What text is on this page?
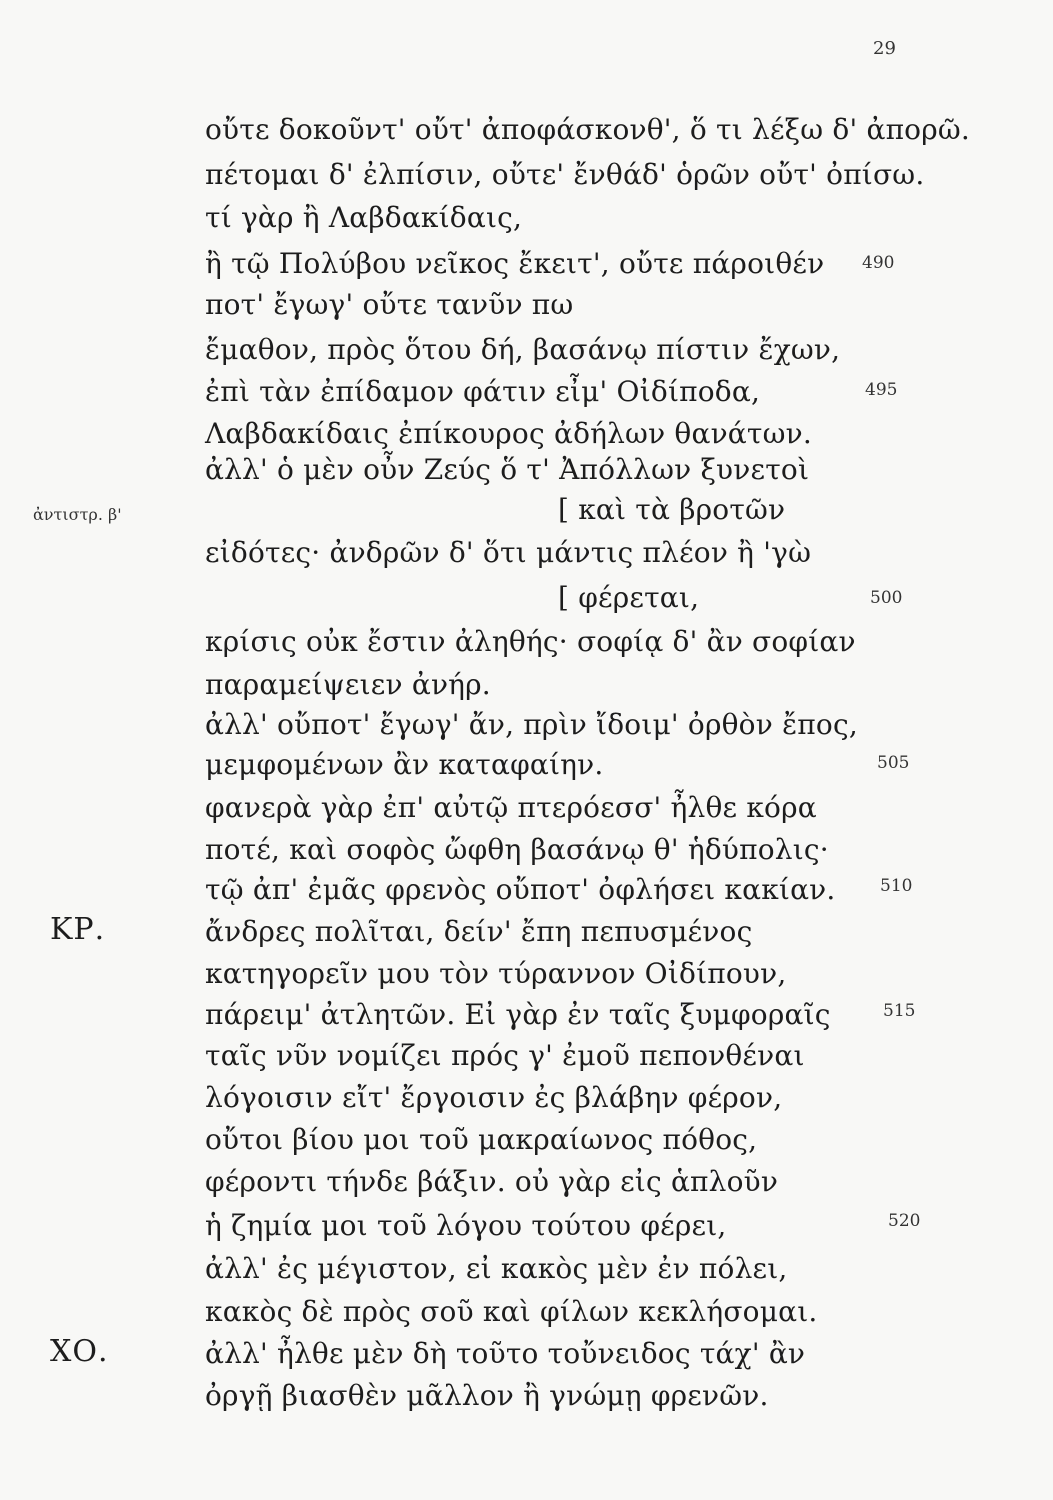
29
ἀντιστρ. β'
ΚΡ.
ΧΟ.
οὔτε δοκοῦντ' οὔτ' ἀποφάσκονθ', ὅ τι λέξω δ' ἀπορῶ.
πέτομαι δ' ἐλπίσιν, οὔτε' ἔνθάδ' ὁρῶν οὔτ' ὀπίσω.
τί γὰρ ἢ Λαβδακίδαις,
ἢ τῷ Πολύβου νεῖκος ἔκειτ', οὔτε πάροιθέν
ποτ' ἔγωγ' οὔτε τανῦν πω
ἔμαθον, πρὸς ὅτου δή, βασάνῳ πίστιν ἔχων,
ἐπὶ τὰν ἐπίδαμον φάτιν εἶμ' Οἰδίποδα,
Λαβδακίδαις ἐπίκουρος ἀδήλων θανάτων.
ἀλλ' ὁ μὲν οὖν Ζεύς ὅ τ' Ἀπόλλων ξυνετοὶ
[ καὶ τὰ βροτῶν
εἰδότες· ἀνδρῶν δ' ὅτι μάντις πλέον ἢ 'γὼ
[ φέρεται,
κρίσις οὐκ ἔστιν ἀληθής· σοφίᾳ δ' ἂν σοφίαν
παραμείψειεν ἀνήρ.
ἀλλ' οὔποτ' ἔγωγ' ἄν, πρὶν ἴδοιμ' ὀρθὸν ἔπος,
μεμφομένων ἂν καταφαίην.
φανερὰ γὰρ ἐπ' αὐτῷ πτερόεσσ' ἦλθε κόρα
ποτέ, καὶ σοφὸς ὤφθη βασάνῳ θ' ἡδύπολις·
τῷ ἀπ' ἐμᾶς φρενὸς οὔποτ' ὀφλήσει κακίαν.
ἄνδρες πολῖται, δείν' ἔπη πεπυσμένος
κατηγορεῖν μου τὸν τύραννον Οἰδίπουν,
πάρειμ' ἀτλητῶν. Εἰ γὰρ ἐν ταῖς ξυμφοραῖς
ταῖς νῦν νομίζει πρός γ' ἐμοῦ πεπονθέναι
λόγοισιν εἴτ' ἔργοισιν ἐς βλάβην φέρον,
οὔτοι βίου μοι τοῦ μακραίωνος πόθος,
φέροντι τήνδε βάξιν. οὐ γὰρ εἰς ἁπλοῦν
ἡ ζημία μοι τοῦ λόγου τούτου φέρει,
ἀλλ' ἐς μέγιστον, εἰ κακὸς μὲν ἐν πόλει,
κακὸς δὲ πρὸς σοῦ καὶ φίλων κεκλήσομαι.
ἀλλ' ἦλθε μὲν δὴ τοῦτο τοὔνειδος τάχ' ἂν
ὀργῇ βιασθὲν μᾶλλον ἢ γνώμῃ φρενῶν.
490
495
500
505
510
515
520
